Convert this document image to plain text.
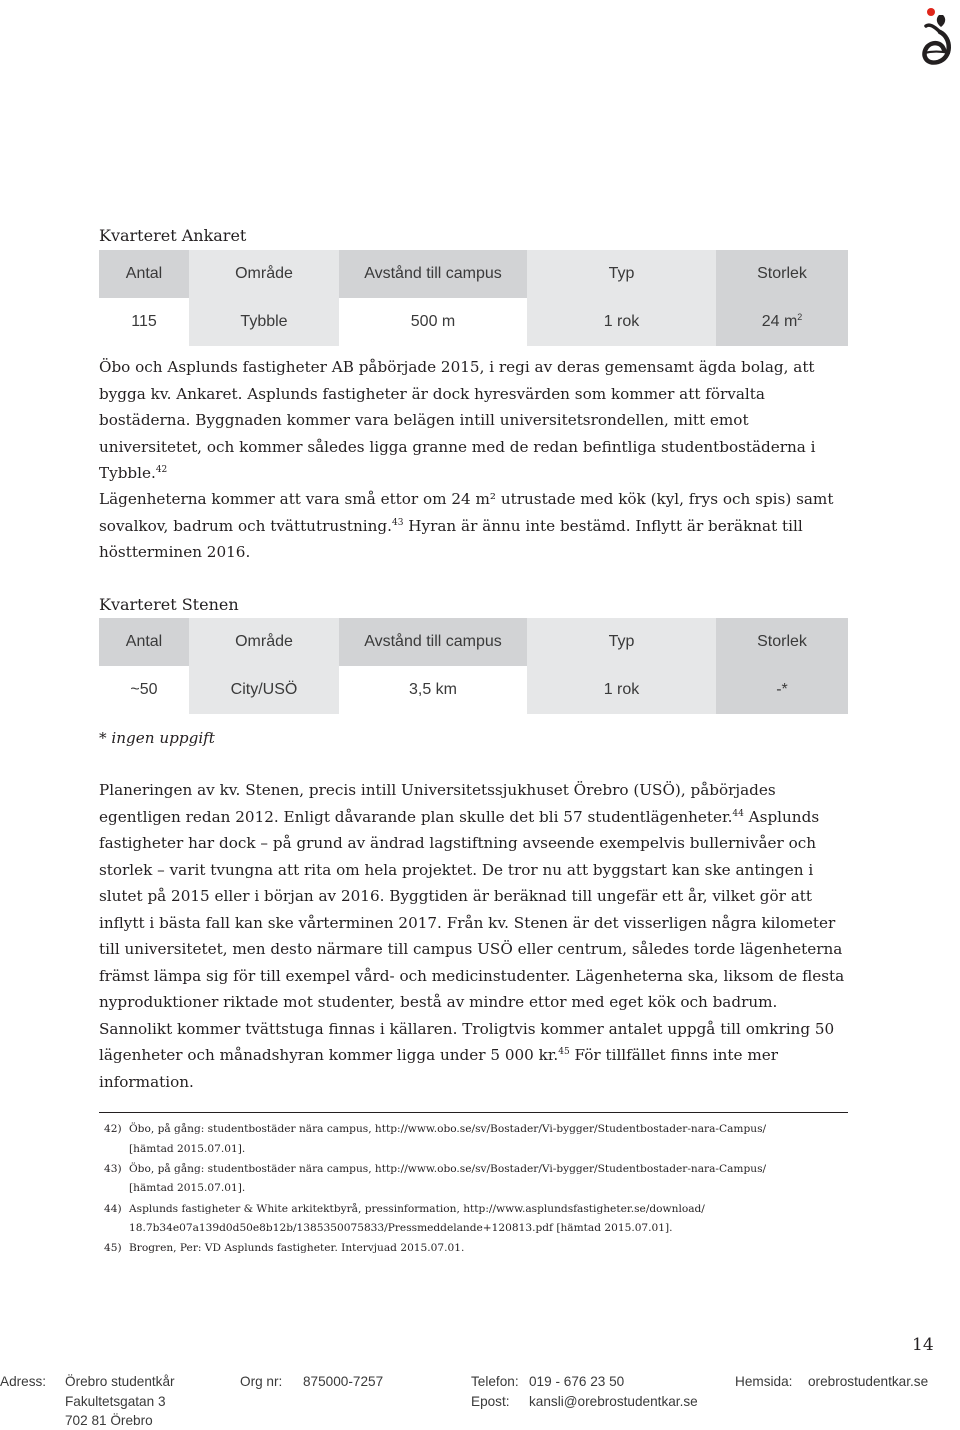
Kvarteret Ankaret
Antal	Område	Avstånd till campus	Typ	Storlek
115	Tybble	500 m	1 rok	24 $m^2$

Öbo och Asplunds fastigheter AB påbörjade 2015, i regi av deras gemensamt ägda bolag, att bygga kv. Ankaret. Asplunds fastigheter är dock hyresvärden som kommer att förvalta bostäderna. Byggnaden kommer vara belägen intill universitetsrondellen, mitt emot universitetet, och kommer således ligga granne med de redan befintliga studentbostäderna i Tybble.$^{42}$

Lägenheterna kommer att vara små ettor om 24 m² utrustade med kök (kyl, frys och spis) samt sovalkov, badrum och tvättutrustning.$^{43}$ Hyran är ännu inte bestämd. Inflytt är beräknat till höstterminen 2016.

Kvarteret Stenen
Antal	Område	Avstånd till campus	Typ	Storlek
~50	City/USÖ	3,5 km	1 rok	-*

* ingen uppgift

Planeringen av kv. Stenen, precis intill Universitetssjukhuset Örebro (USÖ), påbörjades egentligen redan 2012. Enligt dåvarande plan skulle det bli 57 studentlägenheter.$^{44}$ Asplunds fastigheter har dock – på grund av ändrad lagstiftning avseende exempelvis bullernivåer och storlek – varit tvungna att rita om hela projektet. De tror nu att byggstart kan ske antingen i slutet på 2015 eller i början av 2016. Byggtiden är beräknad till ungefär ett år, vilket gör att inflytt i bästa fall kan ske vårterminen 2017. Från kv. Stenen är det visserligen några kilometer till universitetet, men desto närmare till campus USÖ eller centrum, således torde lägenheterna främst lämpa sig för till exempel vård- och medicinstudenter. Lägenheterna ska, liksom de flesta nyproduktioner riktade mot studenter, bestå av mindre ettor med eget kök och badrum. Sannolikt kommer tvättstuga finnas i källaren. Troligtvis kommer antalet uppgå till omkring 50 lägenheter och månadshyran kommer ligga under 5 000 kr.$^{45}$ För tillfället finns inte mer information.

42) Öbo, på gång: studentbostäder nära campus, http://www.obo.se/sv/Bostader/Vi-bygger/Studentbostader-nara-Campus/
[hämtad 2015.07.01].
43) Öbo, på gång: studentbostäder nära campus, http://www.obo.se/sv/Bostader/Vi-bygger/Studentbostader-nara-Campus/
[hämtad 2015.07.01].
44) Asplunds fastigheter & White arkitektbyrå, pressinformation, http://www.asplundsfastigheter.se/download/
18.7b34e07a139d0d50e8b12b/1385350075833/Pressmeddelande+120813.pdf [hämtad 2015.07.01].
45) Brogren, Per: VD Asplunds fastigheter. Intervjuad 2015.07.01.
14
Adress: Örebro studentkår
Fakultetsgatan 3
702 81 Örebro
Org nr: 875000-7257	Telefon: 019 - 676 23 50
Epost: kansli@orebrostudentkar.se
Hemsida: orebrostudentkar.se
